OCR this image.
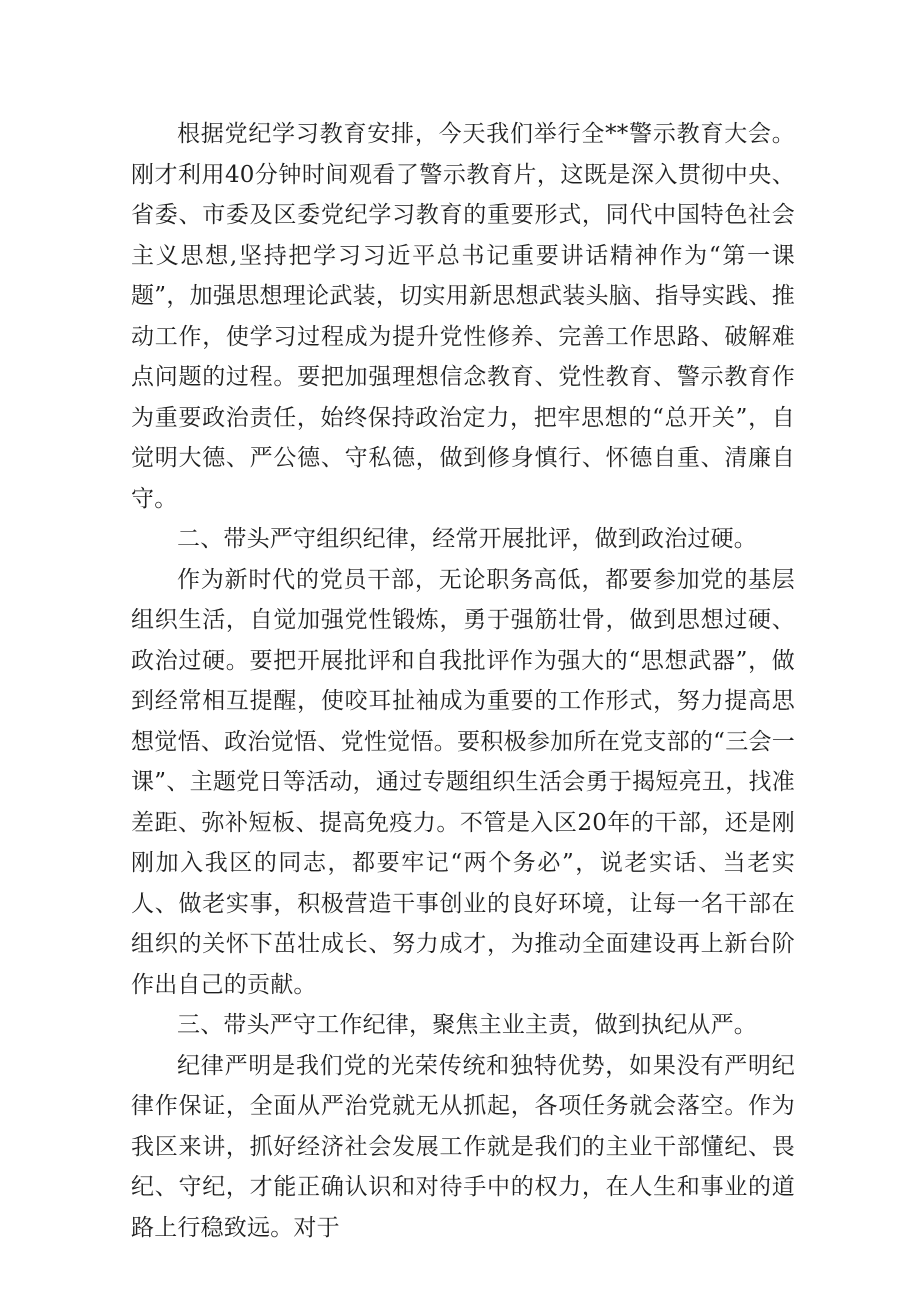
根据党纪学习教育安排，今天我们举行全**警示教育大会。刚才利用40分钟时间观看了警示教育片，这既是深入贯彻中央、省委、市委及区委党纪学习教育的重要形式，同代中国特色社会主义思想,坚持把学习习近平总书记重要讲话精神作为“第一课题”，加强思想理论武装，切实用新思想武装头脑、指导实践、推动工作，使学习过程成为提升党性修养、完善工作思路、破解难点问题的过程。要把加强理想信念教育、党性教育、警示教育作为重要政治责任，始终保持政治定力，把牢思想的“总开关”，自觉明大德、严公德、守私德，做到修身慎行、怀德自重、清廉自守。

二、带头严守组织纪律，经常开展批评，做到政治过硬。

作为新时代的党员干部，无论职务高低，都要参加党的基层组织生活，自觉加强党性锻炼，勇于强筋壮骨，做到思想过硬、政治过硬。要把开展批评和自我批评作为强大的“思想武器”，做到经常相互提醒，使咬耳扯袖成为重要的工作形式，努力提高思想觉悟、政治觉悟、党性觉悟。要积极参加所在党支部的“三会一课”、主题党日等活动，通过专题组织生活会勇于揭短亮丑，找准差距、弥补短板、提高免疫力。不管是入区20年的干部，还是刚刚加入我区的同志，都要牢记“两个务必”，说老实话、当老实人、做老实事，积极营造干事创业的良好环境，让每一名干部在组织的关怀下茁壮成长、努力成才，为推动全面建设再上新台阶作出自己的贡献。

三、带头严守工作纪律，聚焦主业主责，做到执纪从严。

纪律严明是我们党的光荣传统和独特优势，如果没有严明纪律作保证，全面从严治党就无从抓起，各项任务就会落空。作为我区来讲，抓好经济社会发展工作就是我们的主业干部懂纪、畏纪、守纪，才能正确认识和对待手中的权力，在人生和事业的道路上行稳致远。对于
